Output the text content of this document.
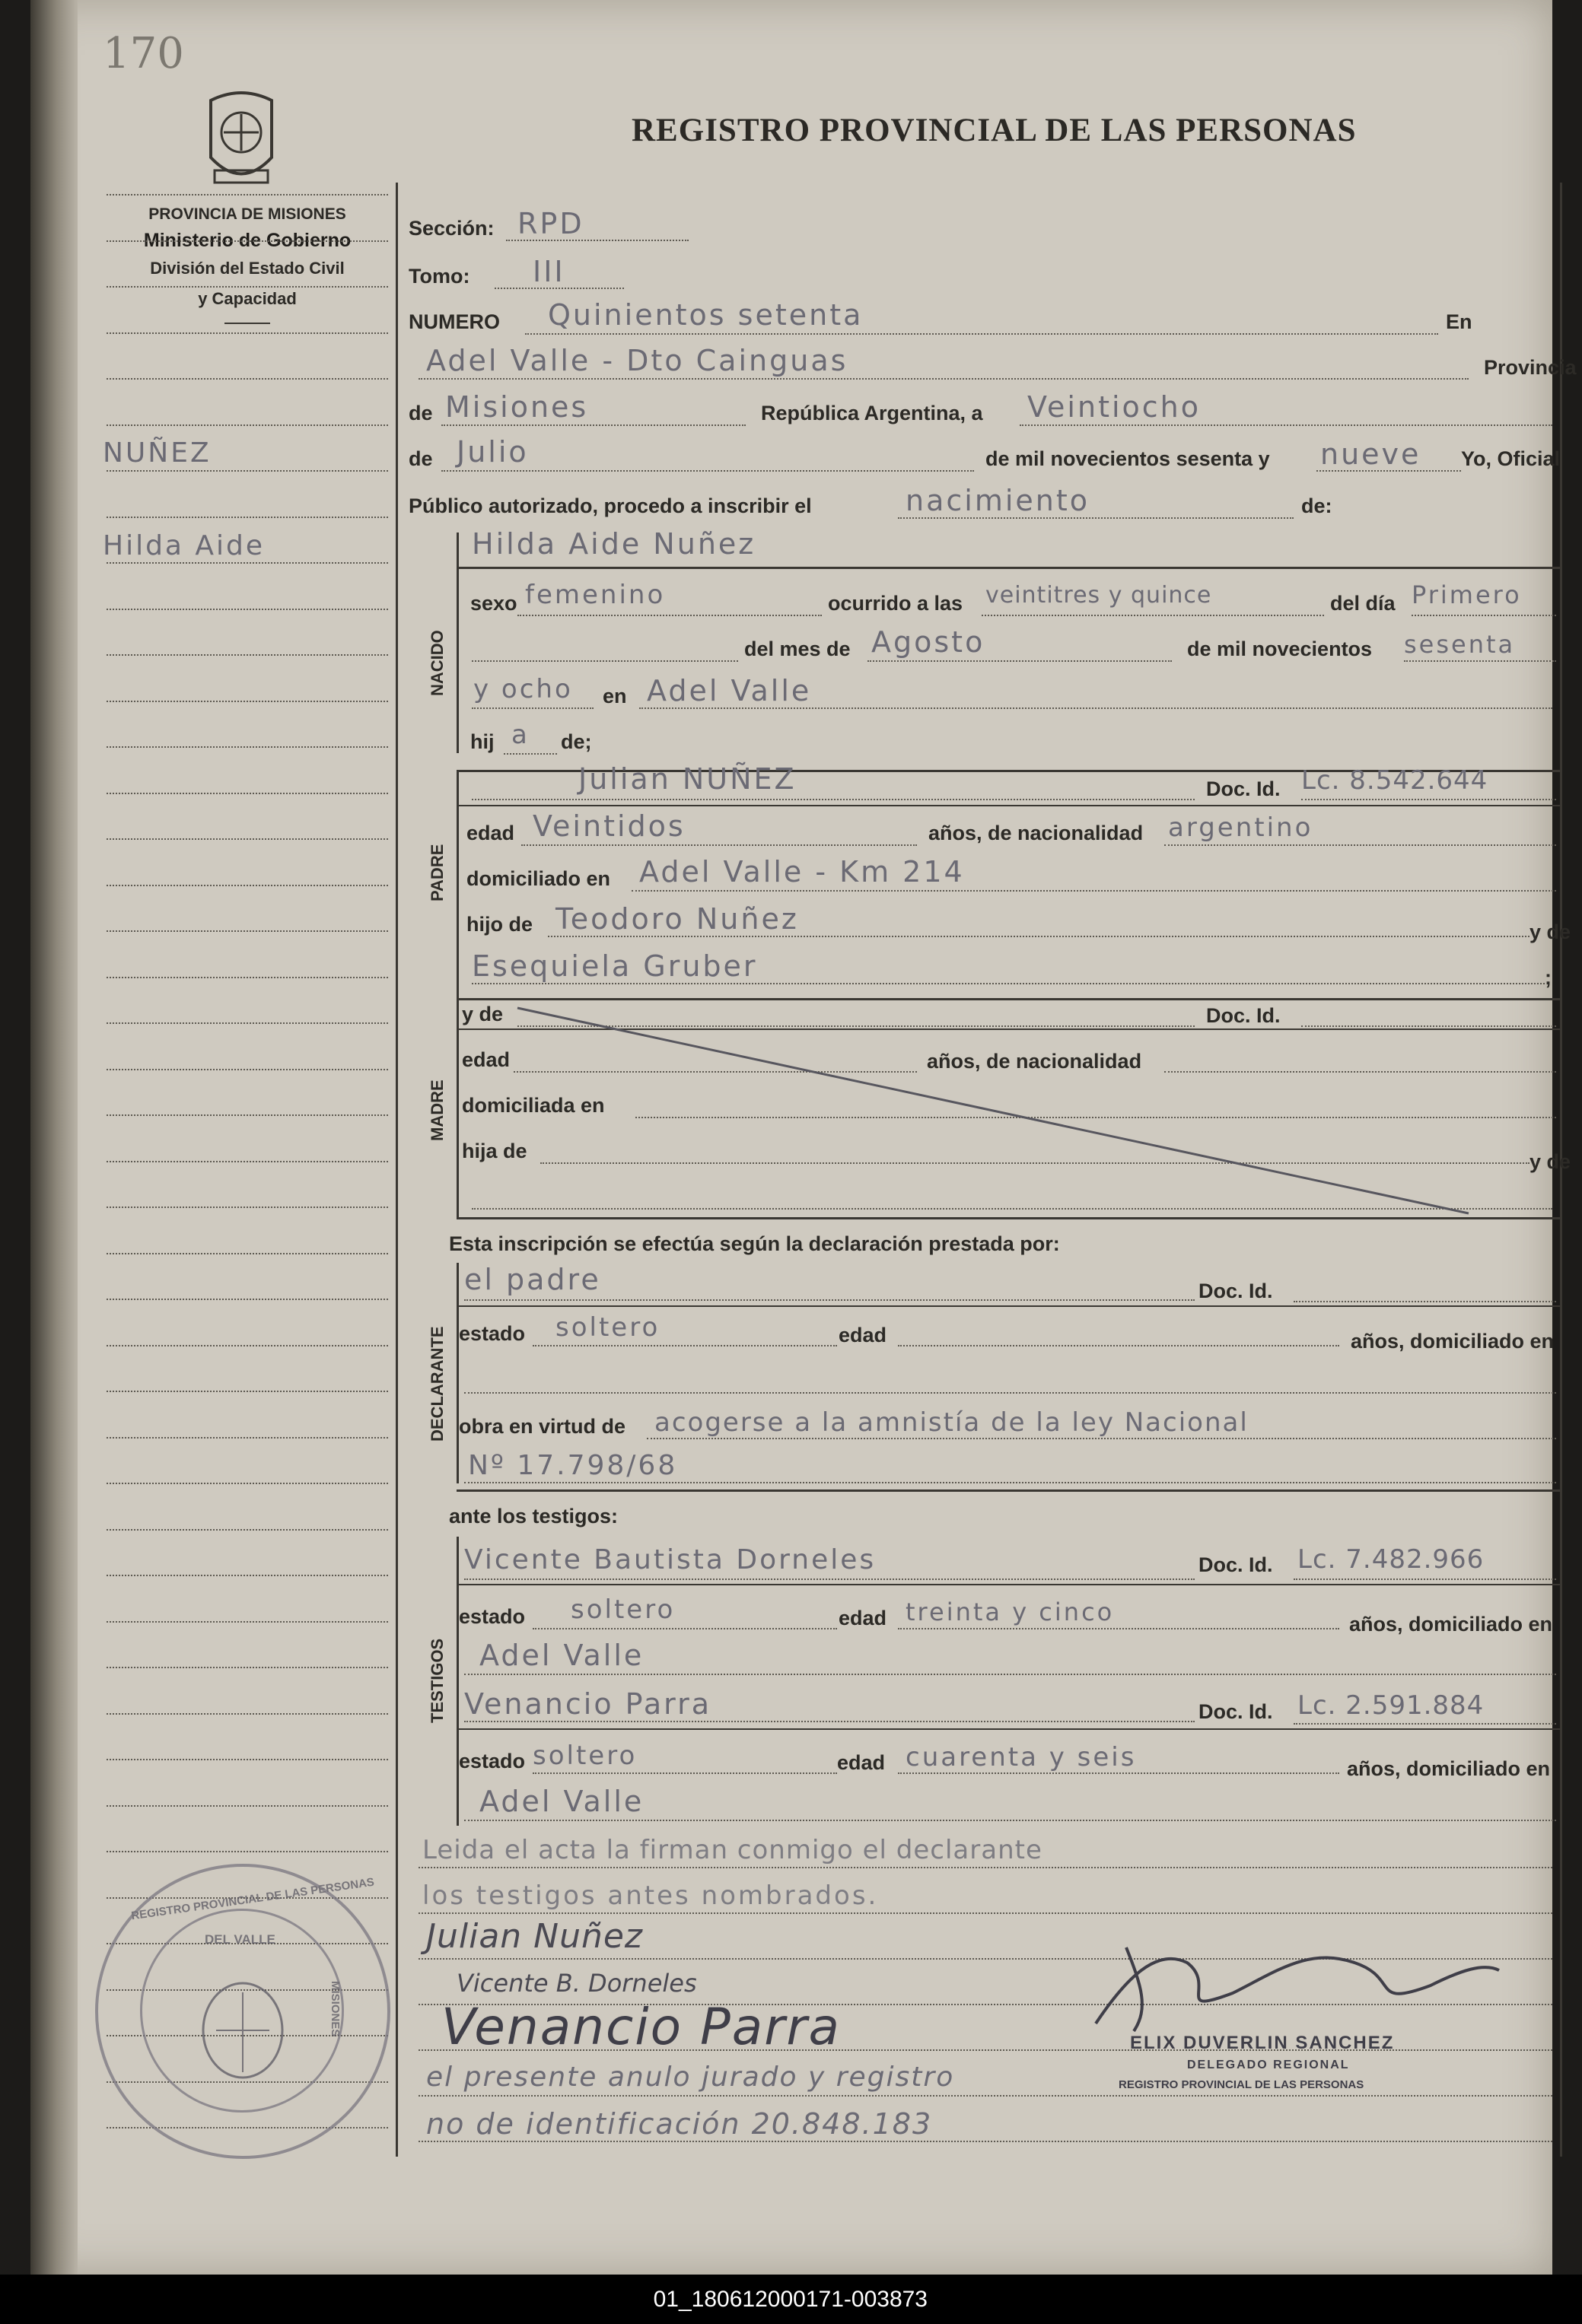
170
REGISTRO PROVINCIAL DE LAS PERSONAS
PROVINCIA DE MISIONES
Ministerio de Gobierno
División del Estado Civil
y Capacidad
NUÑEZ
Hilda Aide
Sección: RPD
Tomo: III
NUMERO Quinientos setenta	En
Adel Valle - Dto Cainguas	Provincia
de Misiones	República Argentina, a Veintiocho
de Julio	de mil novecientos sesenta y nueve Yo, Oficial
Público autorizado, procedo a inscribir el	nacimiento	de:
NACIDO
Hilda Aide Nuñez
sexo femenino	ocurrido a las veintitres y quince	del día Primero
del mes de Agosto	de mil novecientos sesenta
y ocho en Adel Valle
hij a de;
PADRE
Julian NUÑEZ	Doc. Id. Lc. 8.542.644
edad Veintidos	años, de nacionalidad argentino
domiciliado en Adel Valle - Km 214
hijo de Teodoro Nuñez	y de
Esequiela Gruber	;
MADRE
y de	Doc. Id.
edad	años, de nacionalidad
domiciliada en
hija de	y de
Esta inscripción se efectúa según la declaración prestada por:
DECLARANTE
el padre	Doc. Id.
estado soltero	edad	años, domiciliado en
obra en virtud de acogerse a la amnistía de la ley Nacional
Nº 17.798/68
ante los testigos:
TESTIGOS
Vicente Bautista Dorneles	Doc. Id. Lc. 7.482.966
estado soltero	edad treinta y cinco	años, domiciliado en
Adel Valle
Venancio Parra	Doc. Id. Lc. 2.591.884
estado soltero	edad cuarenta y seis	años, domiciliado en
Adel Valle
Leida el acta la firman conmigo el declarante
los testigos antes nombrados.
Julian Nuñez
Vicente B. Dorneles
Venancio Parra
el presente anulo jurado y registro
no de identificación 20.848.183
ELIX DUVERLIN SANCHEZ
DELEGADO REGIONAL
REGISTRO PROVINCIAL DE LAS PERSONAS
REGISTRO PROVINCIAL DE LAS PERSONAS
DEL VALLE
MISIONES
01_180612000171-003873
